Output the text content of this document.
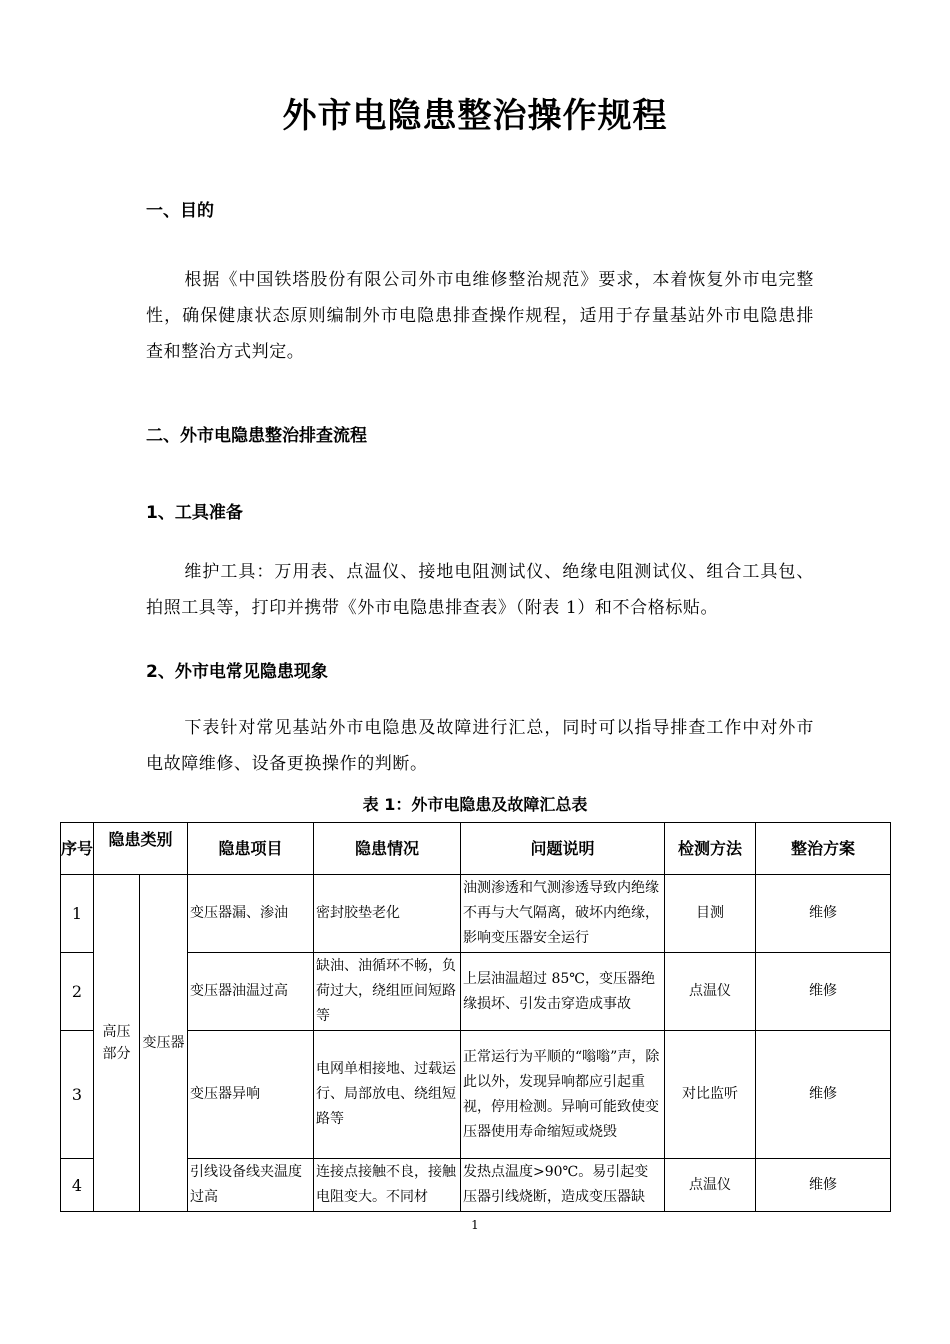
外市电隐患整治操作规程
一、目的
根据《中国铁塔股份有限公司外市电维修整治规范》要求，本着恢复外市电完整性，确保健康状态原则编制外市电隐患排查操作规程，适用于存量基站外市电隐患排查和整治方式判定。
二、外市电隐患整治排查流程
1、工具准备
维护工具：万用表、点温仪、接地电阻测试仪、绝缘电阻测试仪、组合工具包、拍照工具等，打印并携带《外市电隐患排查表》（附表 1）和不合格标贴。
2、外市电常见隐患现象
下表针对常见基站外市电隐患及故障进行汇总，同时可以指导排查工作中对外市电故障维修、设备更换操作的判断。
表 1：外市电隐患及故障汇总表
序号	隐患类别		隐患项目	隐患情况	问题说明	检测方法	整治方案
1	高压部分	变压器	变压器漏、渗油	密封胶垫老化	油测渗透和气测渗透导致内绝缘不再与大气隔离，破坏内绝缘，影响变压器安全运行	目测	维修
2			变压器油温过高	缺油、油循环不畅，负荷过大，绕组匝间短路等	上层油温超过 85℃，变压器绝缘损坏、引发击穿造成事故	点温仪	维修
3			变压器异响	电网单相接地、过载运行、局部放电、绕组短路等	正常运行为平顺的“嗡嗡”声，除此以外，发现异响都应引起重视，停用检测。异响可能致使变压器使用寿命缩短或烧毁	对比监听	维修
4			引线设备线夹温度过高	连接点接触不良，接触电阻变大。不同材	发热点温度>90℃。易引起变压器引线烧断，造成变压器缺	点温仪	维修
1
